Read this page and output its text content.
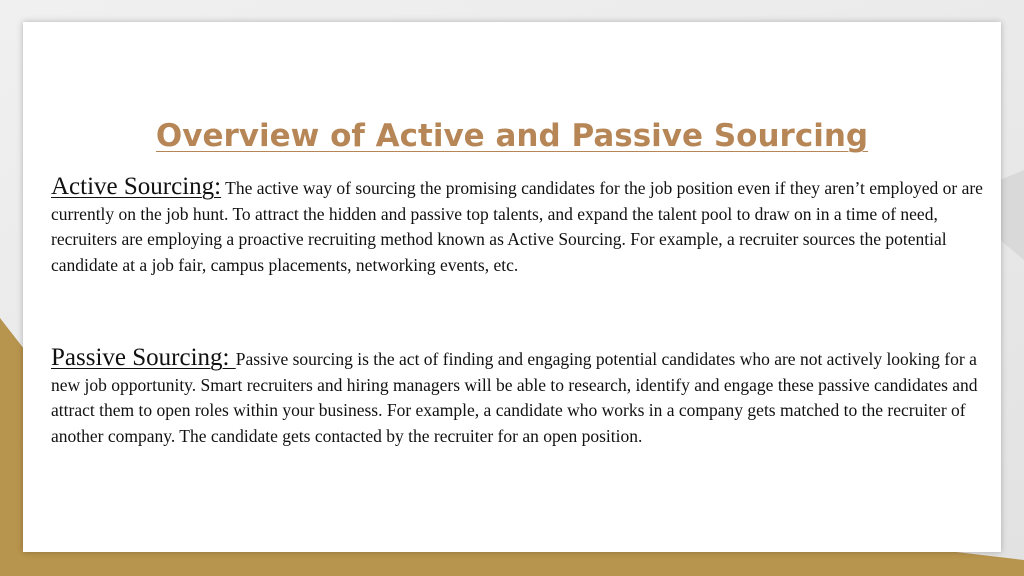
Overview of Active and Passive Sourcing

Active Sourcing: The active way of sourcing the promising candidates for the job position even if they aren’t employed or are currently on the job hunt. To attract the hidden and passive top talents, and expand the talent pool to draw on in a time of need, recruiters are employing a proactive recruiting method known as Active Sourcing. For example, a recruiter sources the potential candidate at a job fair, campus placements, networking events, etc.

Passive Sourcing: Passive sourcing is the act of finding and engaging potential candidates who are not actively looking for a new job opportunity. Smart recruiters and hiring managers will be able to research, identify and engage these passive candidates and attract them to open roles within your business. For example, a candidate who works in a company gets matched to the recruiter of another company. The candidate gets contacted by the recruiter for an open position.
